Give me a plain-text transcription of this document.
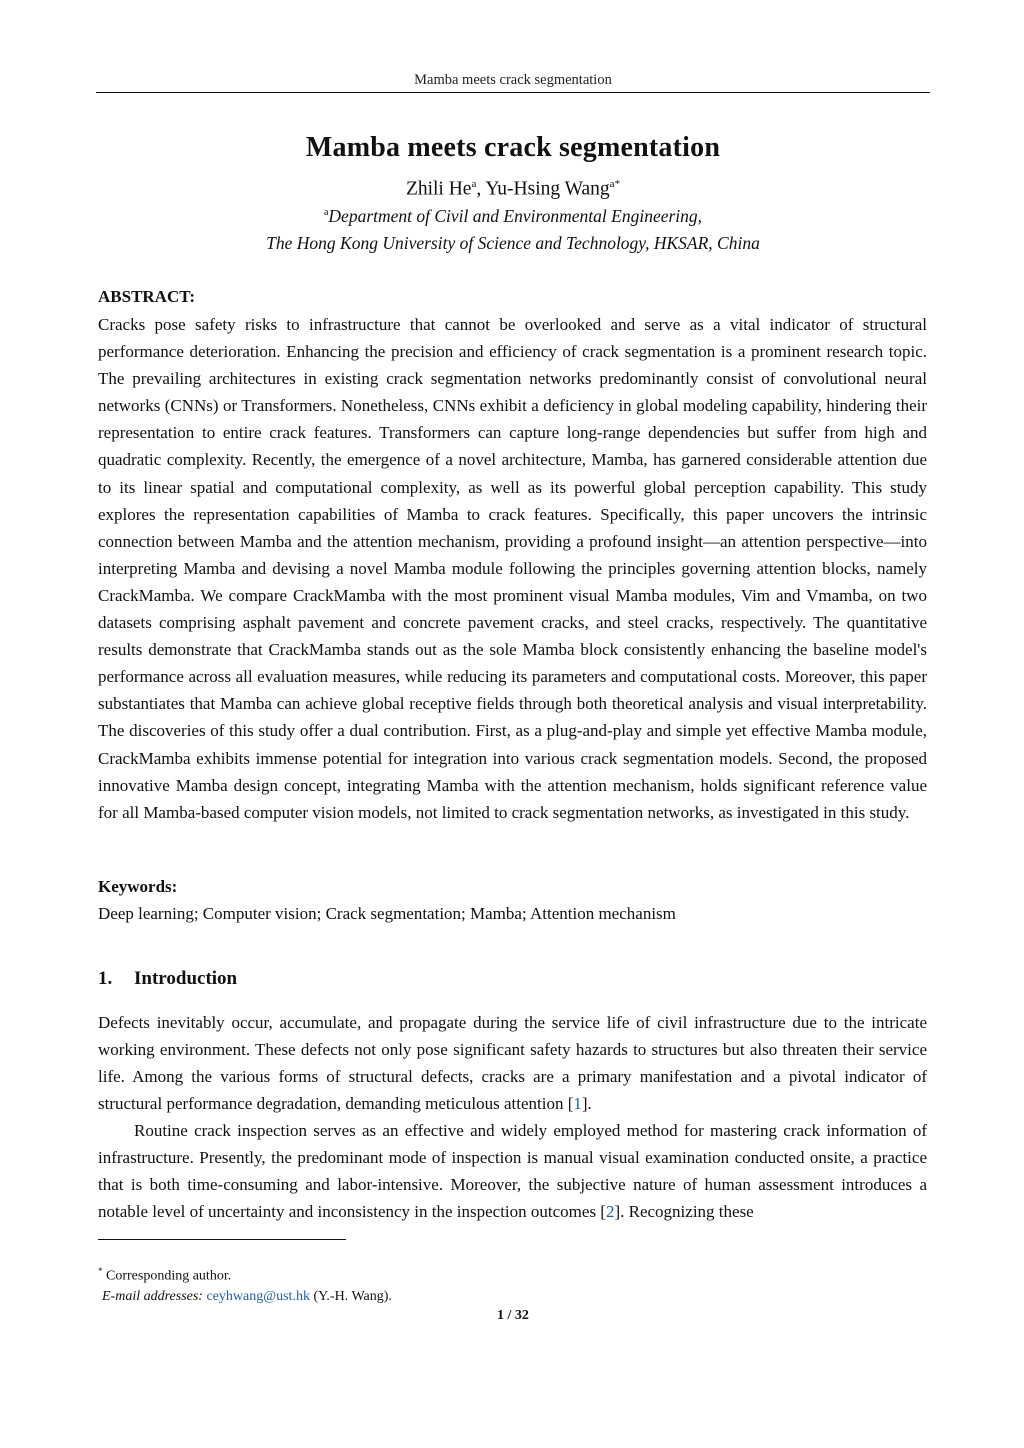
Mamba meets crack segmentation
Mamba meets crack segmentation
Zhili He$^a$, Yu-Hsing Wang$^{a*}$
$^a$Department of Civil and Environmental Engineering,
The Hong Kong University of Science and Technology, HKSAR, China
ABSTRACT:
Cracks pose safety risks to infrastructure that cannot be overlooked and serve as a vital indicator of structural performance deterioration. Enhancing the precision and efficiency of crack segmentation is a prominent research topic. The prevailing architectures in existing crack segmentation networks predominantly consist of convolutional neural networks (CNNs) or Transformers. Nonetheless, CNNs exhibit a deficiency in global modeling capability, hindering their representation to entire crack features. Transformers can capture long-range dependencies but suffer from high and quadratic complexity. Recently, the emergence of a novel architecture, Mamba, has garnered considerable attention due to its linear spatial and computational complexity, as well as its powerful global perception capability. This study explores the representation capabilities of Mamba to crack features. Specifically, this paper uncovers the intrinsic connection between Mamba and the attention mechanism, providing a profound insight—an attention perspective—into interpreting Mamba and devising a novel Mamba module following the principles governing attention blocks, namely CrackMamba. We compare CrackMamba with the most prominent visual Mamba modules, Vim and Vmamba, on two datasets comprising asphalt pavement and concrete pavement cracks, and steel cracks, respectively. The quantitative results demonstrate that CrackMamba stands out as the sole Mamba block consistently enhancing the baseline model's performance across all evaluation measures, while reducing its parameters and computational costs. Moreover, this paper substantiates that Mamba can achieve global receptive fields through both theoretical analysis and visual interpretability. The discoveries of this study offer a dual contribution. First, as a plug-and-play and simple yet effective Mamba module, CrackMamba exhibits immense potential for integration into various crack segmentation models. Second, the proposed innovative Mamba design concept, integrating Mamba with the attention mechanism, holds significant reference value for all Mamba-based computer vision models, not limited to crack segmentation networks, as investigated in this study.
Keywords:
Deep learning; Computer vision; Crack segmentation; Mamba; Attention mechanism
1. Introduction
Defects inevitably occur, accumulate, and propagate during the service life of civil infrastructure due to the intricate working environment. These defects not only pose significant safety hazards to structures but also threaten their service life. Among the various forms of structural defects, cracks are a primary manifestation and a pivotal indicator of structural performance degradation, demanding meticulous attention [1].
Routine crack inspection serves as an effective and widely employed method for mastering crack information of infrastructure. Presently, the predominant mode of inspection is manual visual examination conducted onsite, a practice that is both time-consuming and labor-intensive. Moreover, the subjective nature of human assessment introduces a notable level of uncertainty and inconsistency in the inspection outcomes [2]. Recognizing these
* Corresponding author.
E-mail addresses: ceyhwang@ust.hk (Y.-H. Wang).
1 / 32
